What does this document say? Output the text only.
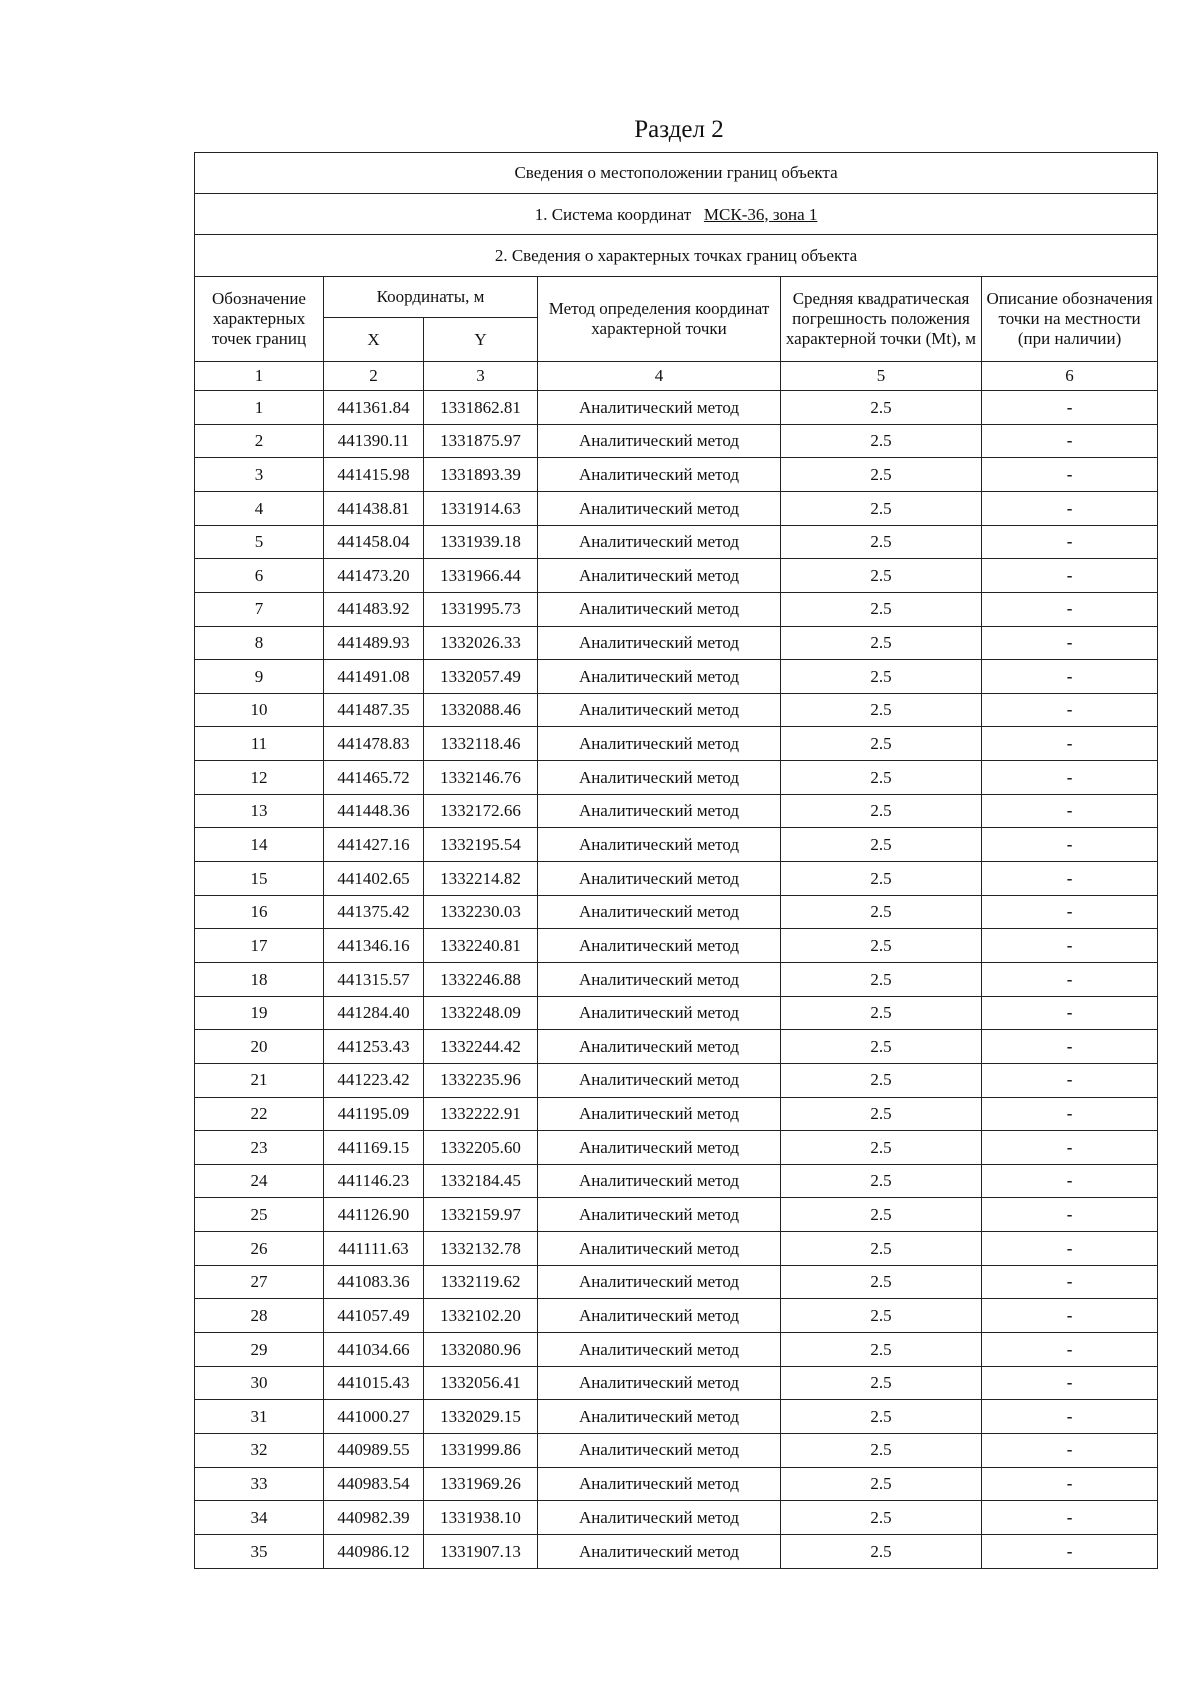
Раздел 2
Сведения о местоположении границ объекта					
1. Система координат МСК-36, зона 1					
2. Сведения о характерных точках границ объекта					
Обозначение характерных точек границ	Координаты, м		Метод определения координат характерной точки	Средняя квадратическая погрешность положения характерной точки (Mt), м	Описание обозначения точки на местности (при наличии)
	X	Y			
1	2	3	4	5	6
1	441361.84	1331862.81	Аналитический метод	2.5	-
2	441390.11	1331875.97	Аналитический метод	2.5	-
3	441415.98	1331893.39	Аналитический метод	2.5	-
4	441438.81	1331914.63	Аналитический метод	2.5	-
5	441458.04	1331939.18	Аналитический метод	2.5	-
6	441473.20	1331966.44	Аналитический метод	2.5	-
7	441483.92	1331995.73	Аналитический метод	2.5	-
8	441489.93	1332026.33	Аналитический метод	2.5	-
9	441491.08	1332057.49	Аналитический метод	2.5	-
10	441487.35	1332088.46	Аналитический метод	2.5	-
11	441478.83	1332118.46	Аналитический метод	2.5	-
12	441465.72	1332146.76	Аналитический метод	2.5	-
13	441448.36	1332172.66	Аналитический метод	2.5	-
14	441427.16	1332195.54	Аналитический метод	2.5	-
15	441402.65	1332214.82	Аналитический метод	2.5	-
16	441375.42	1332230.03	Аналитический метод	2.5	-
17	441346.16	1332240.81	Аналитический метод	2.5	-
18	441315.57	1332246.88	Аналитический метод	2.5	-
19	441284.40	1332248.09	Аналитический метод	2.5	-
20	441253.43	1332244.42	Аналитический метод	2.5	-
21	441223.42	1332235.96	Аналитический метод	2.5	-
22	441195.09	1332222.91	Аналитический метод	2.5	-
23	441169.15	1332205.60	Аналитический метод	2.5	-
24	441146.23	1332184.45	Аналитический метод	2.5	-
25	441126.90	1332159.97	Аналитический метод	2.5	-
26	441111.63	1332132.78	Аналитический метод	2.5	-
27	441083.36	1332119.62	Аналитический метод	2.5	-
28	441057.49	1332102.20	Аналитический метод	2.5	-
29	441034.66	1332080.96	Аналитический метод	2.5	-
30	441015.43	1332056.41	Аналитический метод	2.5	-
31	441000.27	1332029.15	Аналитический метод	2.5	-
32	440989.55	1331999.86	Аналитический метод	2.5	-
33	440983.54	1331969.26	Аналитический метод	2.5	-
34	440982.39	1331938.10	Аналитический метод	2.5	-
35	440986.12	1331907.13	Аналитический метод	2.5	-
